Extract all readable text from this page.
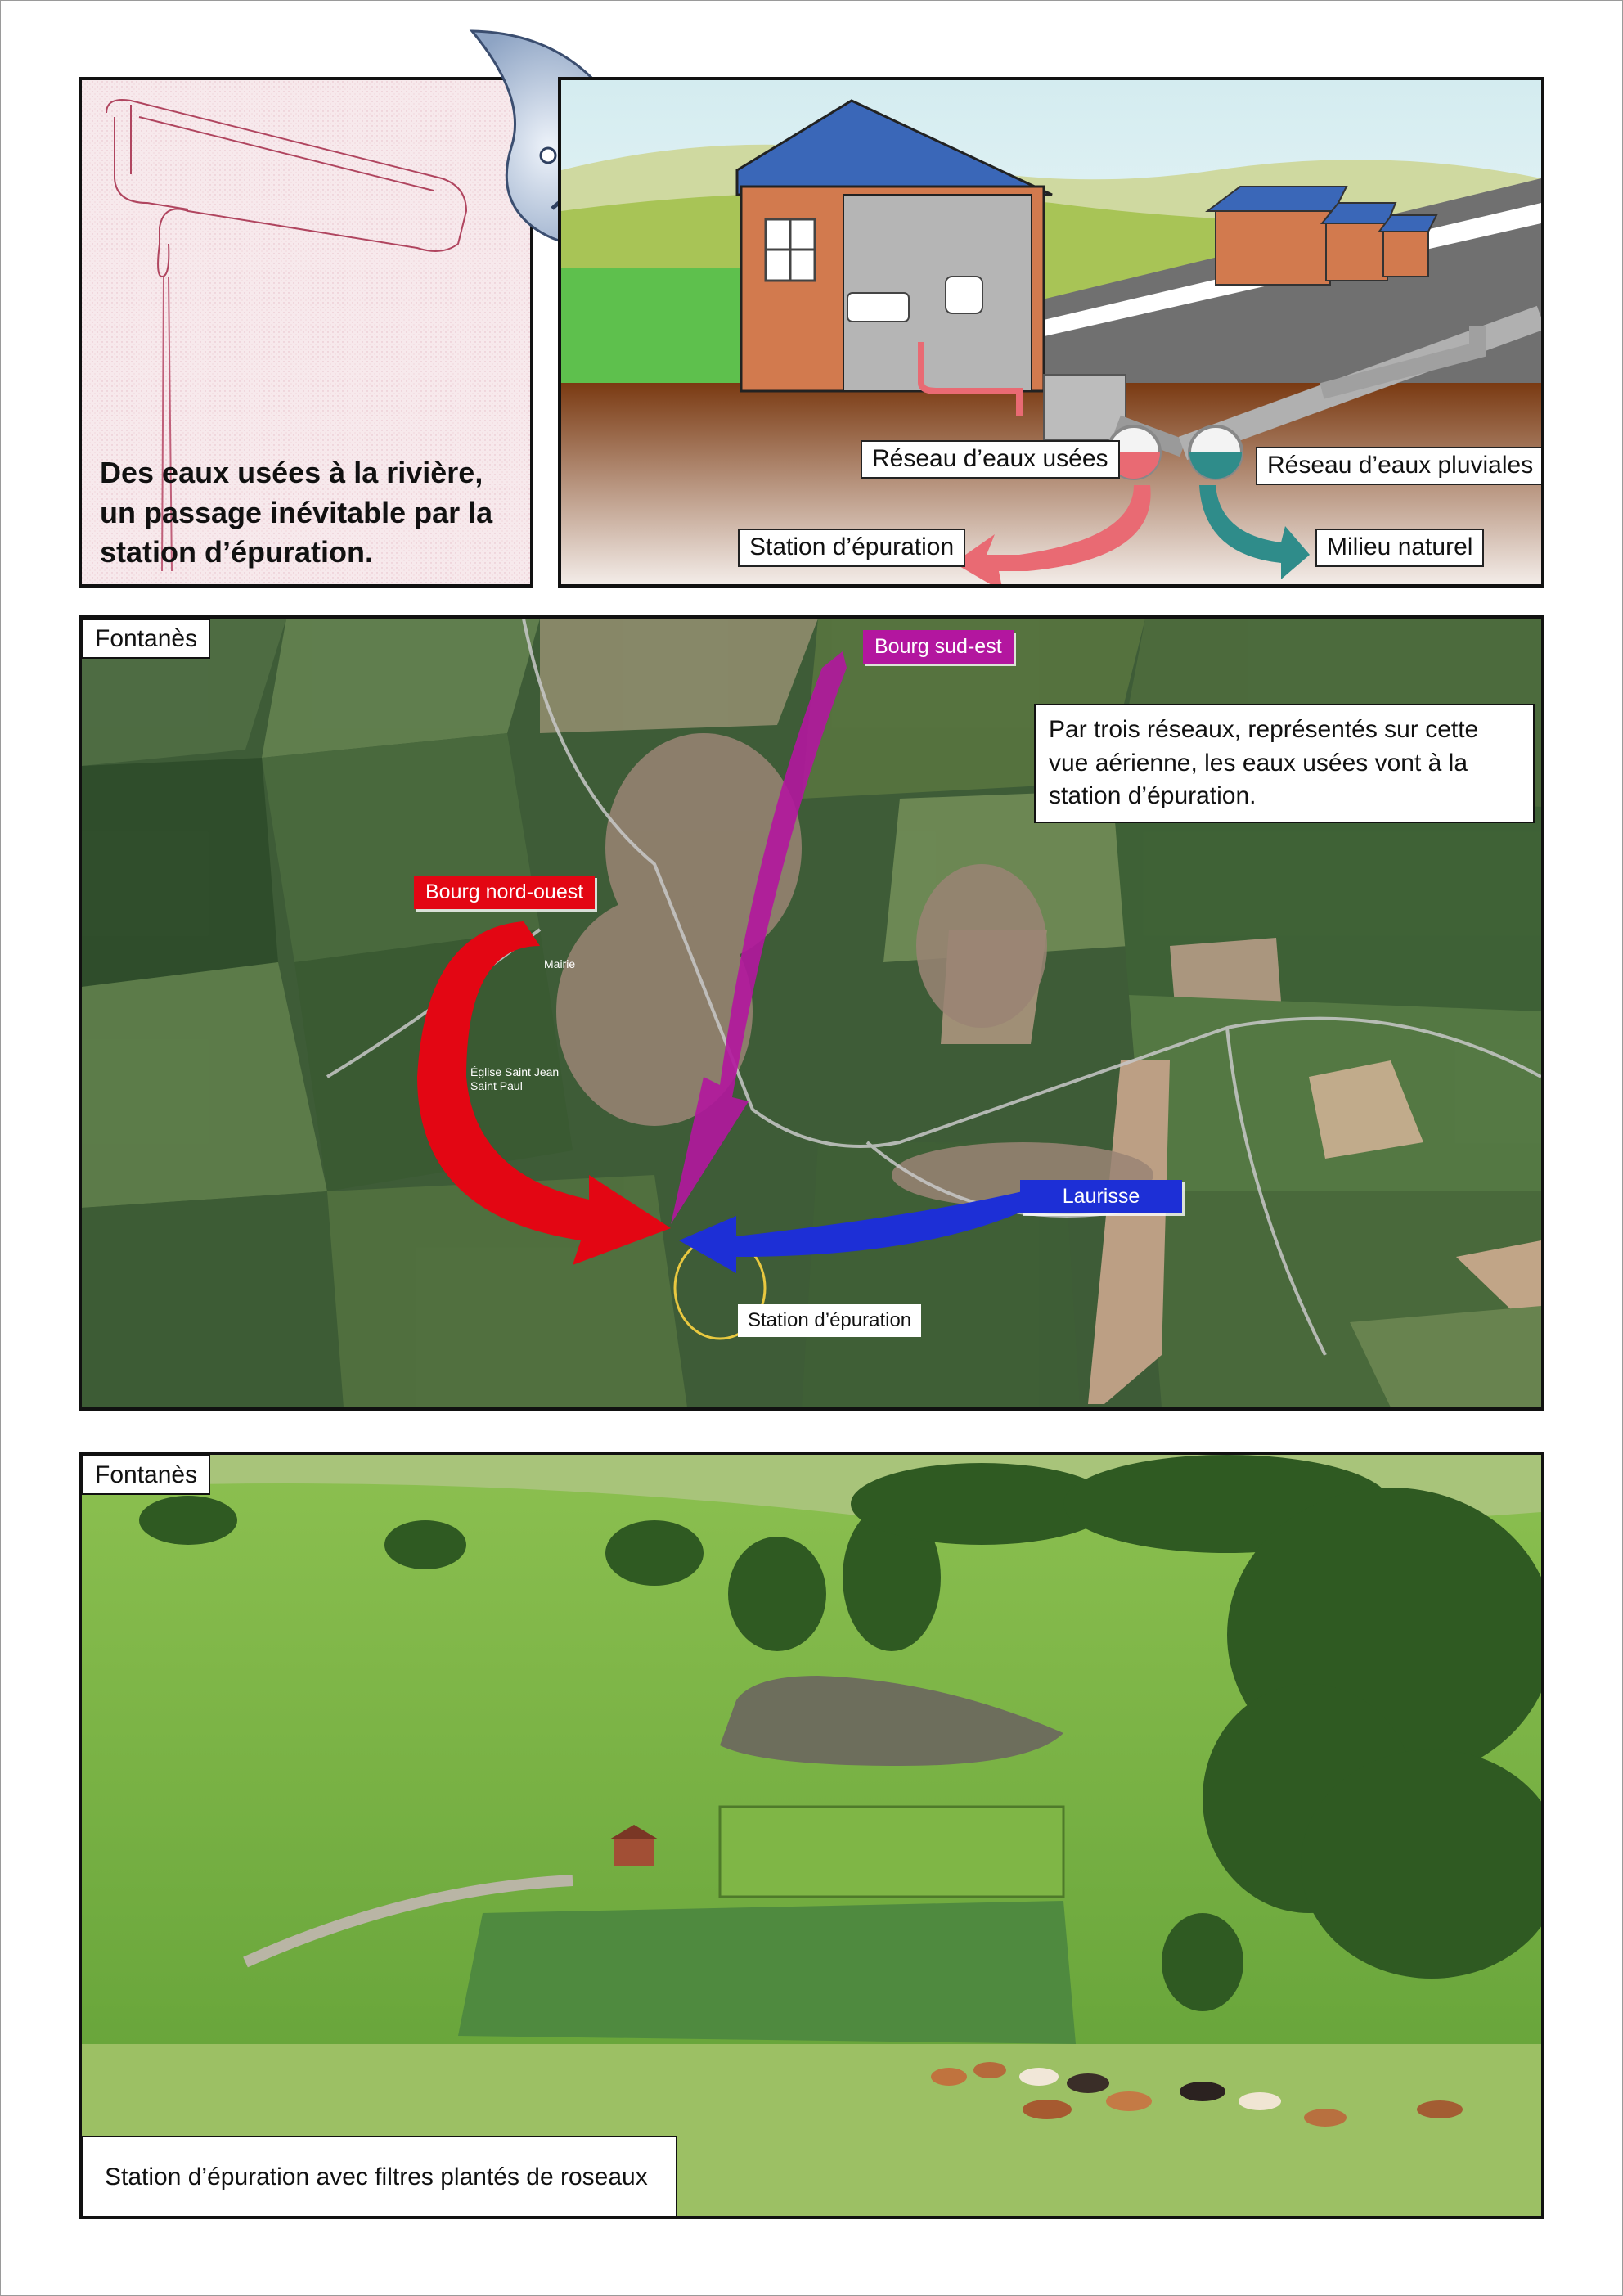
Des eaux usées à la rivière, un passage inévitable par la station d’épuration.
Réseau d’eaux usées	Réseau d’eaux pluviales
Station d’épuration	Milieu naturel
Fontanès
Mairie
Église Saint Jean Saint Paul
Bourg sud-est
Bourg nord-ouest
Laurisse
Station d’épuration
Par trois réseaux, représentés sur cette vue aérienne, les eaux usées vont à la station d’épuration.
Fontanès
Station d’épuration avec filtres plantés de roseaux
